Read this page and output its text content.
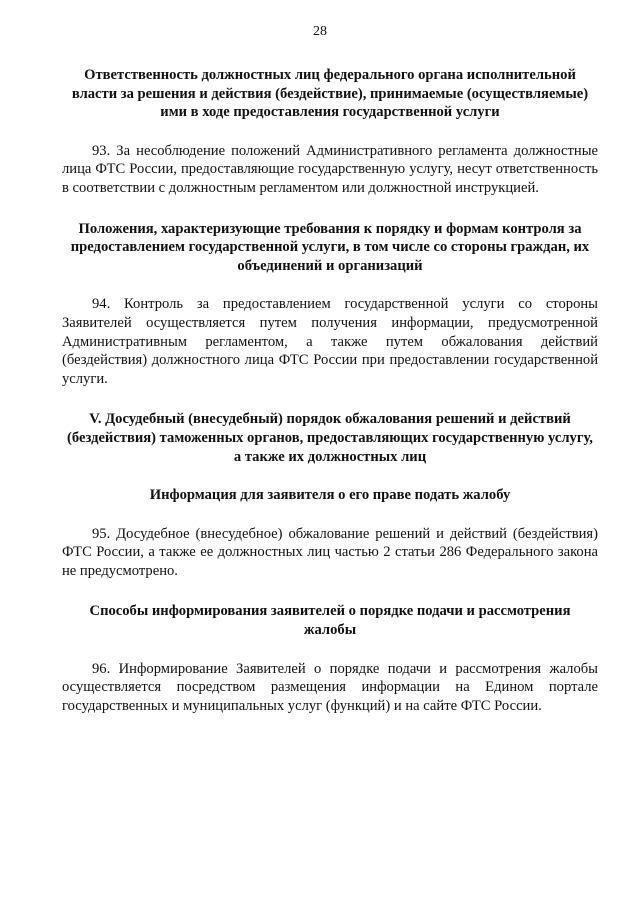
28
Ответственность должностных лиц федерального органа исполнительной власти за решения и действия (бездействие), принимаемые (осуществляемые) ими в ходе предоставления государственной услуги

93. За несоблюдение положений Административного регламента должностные лица ФТС России, предоставляющие государственную услугу, несут ответственность в соответствии с должностным регламентом или должностной инструкцией.

Положения, характеризующие требования к порядку и формам контроля за предоставлением государственной услуги, в том числе со стороны граждан, их объединений и организаций

94. Контроль за предоставлением государственной услуги со стороны Заявителей осуществляется путем получения информации, предусмотренной Административным регламентом, а также путем обжалования действий (бездействия) должностного лица ФТС России при предоставлении государственной услуги.

V. Досудебный (внесудебный) порядок обжалования решений и действий (бездействия) таможенных органов, предоставляющих государственную услугу, а также их должностных лиц
Информация для заявителя о его праве подать жалобу

95. Досудебное (внесудебное) обжалование решений и действий (бездействия) ФТС России, а также ее должностных лиц частью 2 статьи 286 Федерального закона не предусмотрено.

Способы информирования заявителей о порядке подачи и рассмотрения жалобы

96. Информирование Заявителей о порядке подачи и рассмотрения жалобы осуществляется посредством размещения информации на Едином портале государственных и муниципальных услуг (функций) и на сайте ФТС России.
